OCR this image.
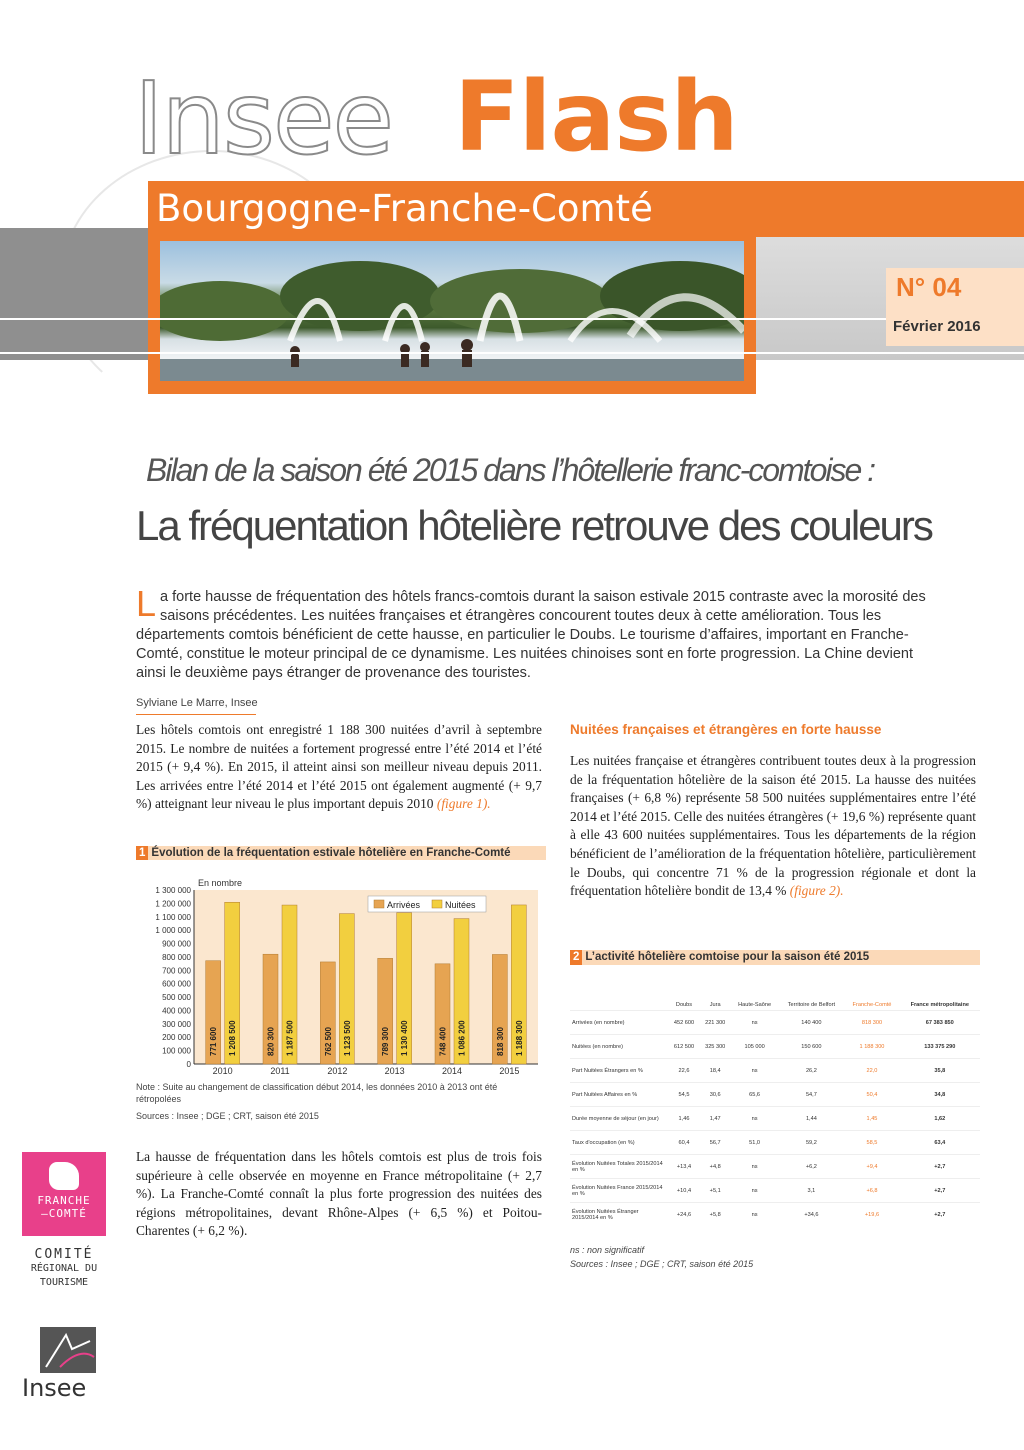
Insee Flash
Bourgogne-Franche-Comté
N° 04
Février 2016
Bilan de la saison été 2015 dans l’hôtellerie franc-comtoise :
La fréquentation hôtelière retrouve des couleurs
La forte hausse de fréquentation des hôtels francs-comtois durant la saison estivale 2015 contraste avec la morosité des saisons précédentes. Les nuitées françaises et étrangères concourent toutes deux à cette amélioration. Tous les départements comtois bénéficient de cette hausse, en particulier le Doubs. Le tourisme d’affaires, important en Franche-Comté, constitue le moteur principal de ce dynamisme. Les nuitées chinoises sont en forte progression. La Chine devient ainsi le deuxième pays étranger de provenance des touristes.
Sylviane Le Marre, Insee
Les hôtels comtois ont enregistré 1 188 300 nuitées d’avril à septembre 2015. Le nombre de nuitées a fortement progressé entre l’été 2014 et l’été 2015 (+ 9,4 %). En 2015, il atteint ainsi son meilleur niveau depuis 2011. Les arrivées entre l’été 2014 et l’été 2015 ont également augmenté (+ 9,7 %) atteignant leur niveau le plus important depuis 2010 (figure 1).
1 Évolution de la fréquentation estivale hôtelière en Franche-Comté
En nombre
0
100 000
200 000
300 000
400 000
500 000
600 000
700 000
800 000
900 000
1 000 000
1 100 000
1 200 000
1 300 000
771 600 1 208 500
2010
820 300 1 187 500
2011
762 500 1 123 500
2012
789 300 1 130 400
2013
748 400 1 086 200
2014
818 300 1 188 300
2015
Arrivées	Nuitées
Note : Suite au changement de classification début 2014, les données 2010 à 2013 ont été rétropolées
Sources : Insee ; DGE ; CRT, saison été 2015
La hausse de fréquentation dans les hôtels comtois est plus de trois fois supérieure à celle observée en moyenne en France métropolitaine (+ 2,7 %). La Franche-Comté connaît la plus forte progression des nuitées des régions métropolitaines, devant Rhône-Alpes (+ 6,5 %) et Poitou-Charentes (+ 6,2 %).
Nuitées françaises et étrangères en forte hausse
Les nuitées française et étrangères contribuent toutes deux à la progression de la fréquentation hôtelière de la saison été 2015. La hausse des nuitées françaises (+ 6,8 %) représente 58 500 nuitées supplémentaires entre l’été 2014 et l’été 2015. Celle des nuitées étrangères (+ 19,6 %) représente quant à elle 43 600 nuitées supplémentaires. Tous les départements de la région bénéficient de l’amélioration de la fréquentation hôtelière, particulièrement le Doubs, qui concentre 71 % de la progression régionale et dont la fréquentation hôtelière bondit de 13,4 % (figure 2).
2 L’activité hôtelière comtoise pour la saison été 2015
	Doubs	Jura	Haute-Saône	Territoire de Belfort	Franche-Comté	France métropolitaine
Arrivées (en nombre)	452 600	221 300	ns	140 400	818 300	67 383 850
Nuitées (en nombre)	612 500	325 300	105 000	150 600	1 188 300	133 375 290
Part Nuitées Étrangers en %	22,6	18,4	ns	26,2	22,0	35,8
Part Nuitées Affaires en %	54,5	30,6	65,6	54,7	50,4	34,8
Durée moyenne de séjour (en jour)	1,46	1,47	ns	1,44	1,45	1,62
Taux d'occupation (en %)	60,4	56,7	51,0	59,2	58,5	63,4
Évolution Nuitées Totales 2015/2014 en %	+13,4	+4,8	ns	+6,2	+9,4	+2,7
Évolution Nuitées France 2015/2014 en %	+10,4	+5,1	ns	3,1	+6,8	+2,7
Évolution Nuitées Étranger 2015/2014 en %	+24,6	+5,8	ns	+34,6	+19,6	+2,7
ns : non significatif
Sources : Insee ; DGE ; CRT, saison été 2015
FRANCHE
—COMTÉ
COMITÉ
RÉGIONAL DU
TOURISME
Insee
